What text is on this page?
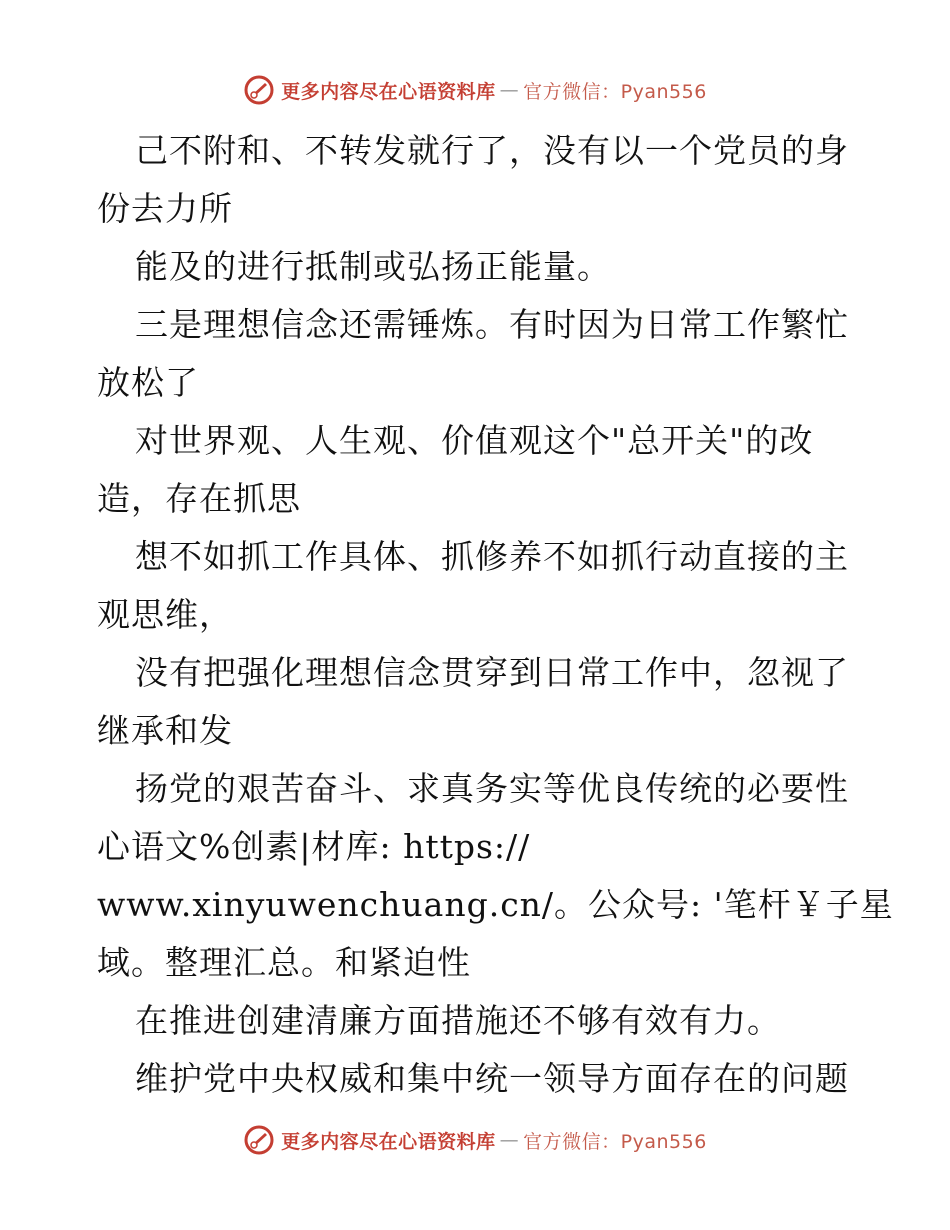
更多内容尽在心语资料库 — 官方微信：Pyan556
己不附和、不转发就行了，没有以一个党员的身
份去力所
能及的进行抵制或弘扬正能量。
三是理想信念还需锤炼。有时因为日常工作繁忙
放松了
对世界观、人生观、价值观这个"总开关"的改
造，存在抓思
想不如抓工作具体、抓修养不如抓行动直接的主
观思维，
没有把强化理想信念贯穿到日常工作中，忽视了
继承和发
扬党的艰苦奋斗、求真务实等优良传统的必要性
心语文%创素|材库: https://
www.xinyuwenchuang.cn/。公众号: '笔杆￥子星
域。整理汇总。和紧迫性
在推进创建清廉方面措施还不够有效有力。
维护党中央权威和集中统一领导方面存在的问题
更多内容尽在心语资料库 — 官方微信：Pyan556
